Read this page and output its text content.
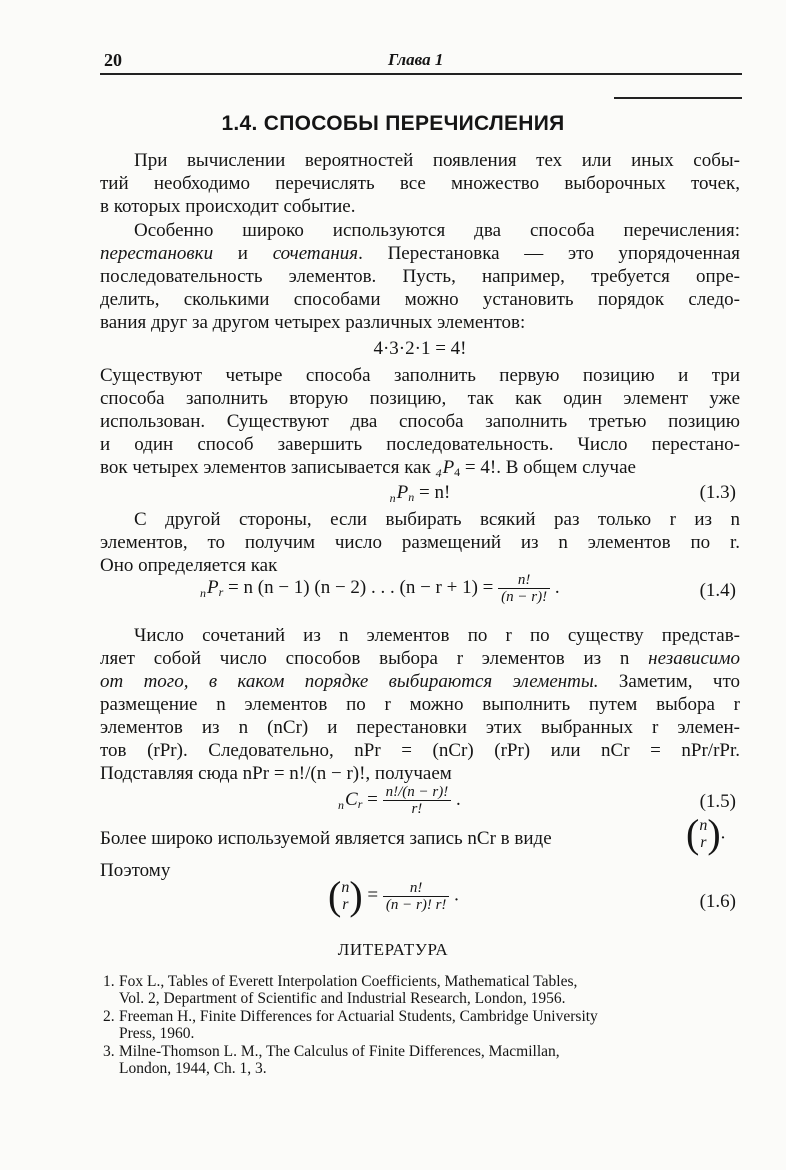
20	Глава 1
1.4. СПОСОБЫ ПЕРЕЧИСЛЕНИЯ
При вычислении вероятностей появления тех или иных собы-
тий необходимо перечислять все множество выборочных точек,
в которых происходит событие.
Особенно широко используются два способа перечисления:
перестановки и сочетания. Перестановка — это упорядоченная
последовательность элементов. Пусть, например, требуется опре-
делить, сколькими способами можно установить порядок следо-
вания друг за другом четырех различных элементов:
4·3·2·1 = 4!
Существуют четыре способа заполнить первую позицию и три
способа заполнить вторую позицию, так как один элемент уже
использован. Существуют два способа заполнить третью позицию
и один способ завершить последовательность. Число перестано-
вок четырех элементов записывается как $_4P_4 = 4$!. В общем случае
$_nP_n = n$!	(1.3)
С другой стороны, если выбирать всякий раз только r из n
элементов, то получим число размещений из n элементов по r.
Оно определяется как
$_nP_r = n$ (n − 1) (n − 2) . . . $(n - r + 1) = \frac{n!}{(n - r)!}$ .	(1.4)
Число сочетаний из n элементов по r по существу представ-
ляет собой число способов выбора r элементов из n независимо
от того, в каком порядке выбираются элементы. Заметим, что
размещение n элементов по r можно выполнить путем выбора r
элементов из n (nCr) и перестановки этих выбранных r элемен-
тов (rPr). Следовательно, nPr = (nCr) (rPr) или nCr = nPr/rPr.
Подставляя сюда nPr = n!/(n − r)!, получаем
$_nC_r = \frac{n!/(n - r)!}{r!}$ .	(1.5)
Более широко используемой является запись nCr в виде	( n
r ).
Поэтому
( n
r ) = $\frac{n!}{(n - r)! r!}$ .	(1.6)
ЛИТЕРАТУРА
1. Fox L., Tables of Everett Interpolation Coefficients, Mathematical Tables,
Vol. 2, Department of Scientific and Industrial Research, London, 1956.
2. Freeman H., Finite Differences for Actuarial Students, Cambridge University
Press, 1960.
3. Milne-Thomson L. M., The Calculus of Finite Differences, Macmillan,
London, 1944, Ch. 1, 3.
